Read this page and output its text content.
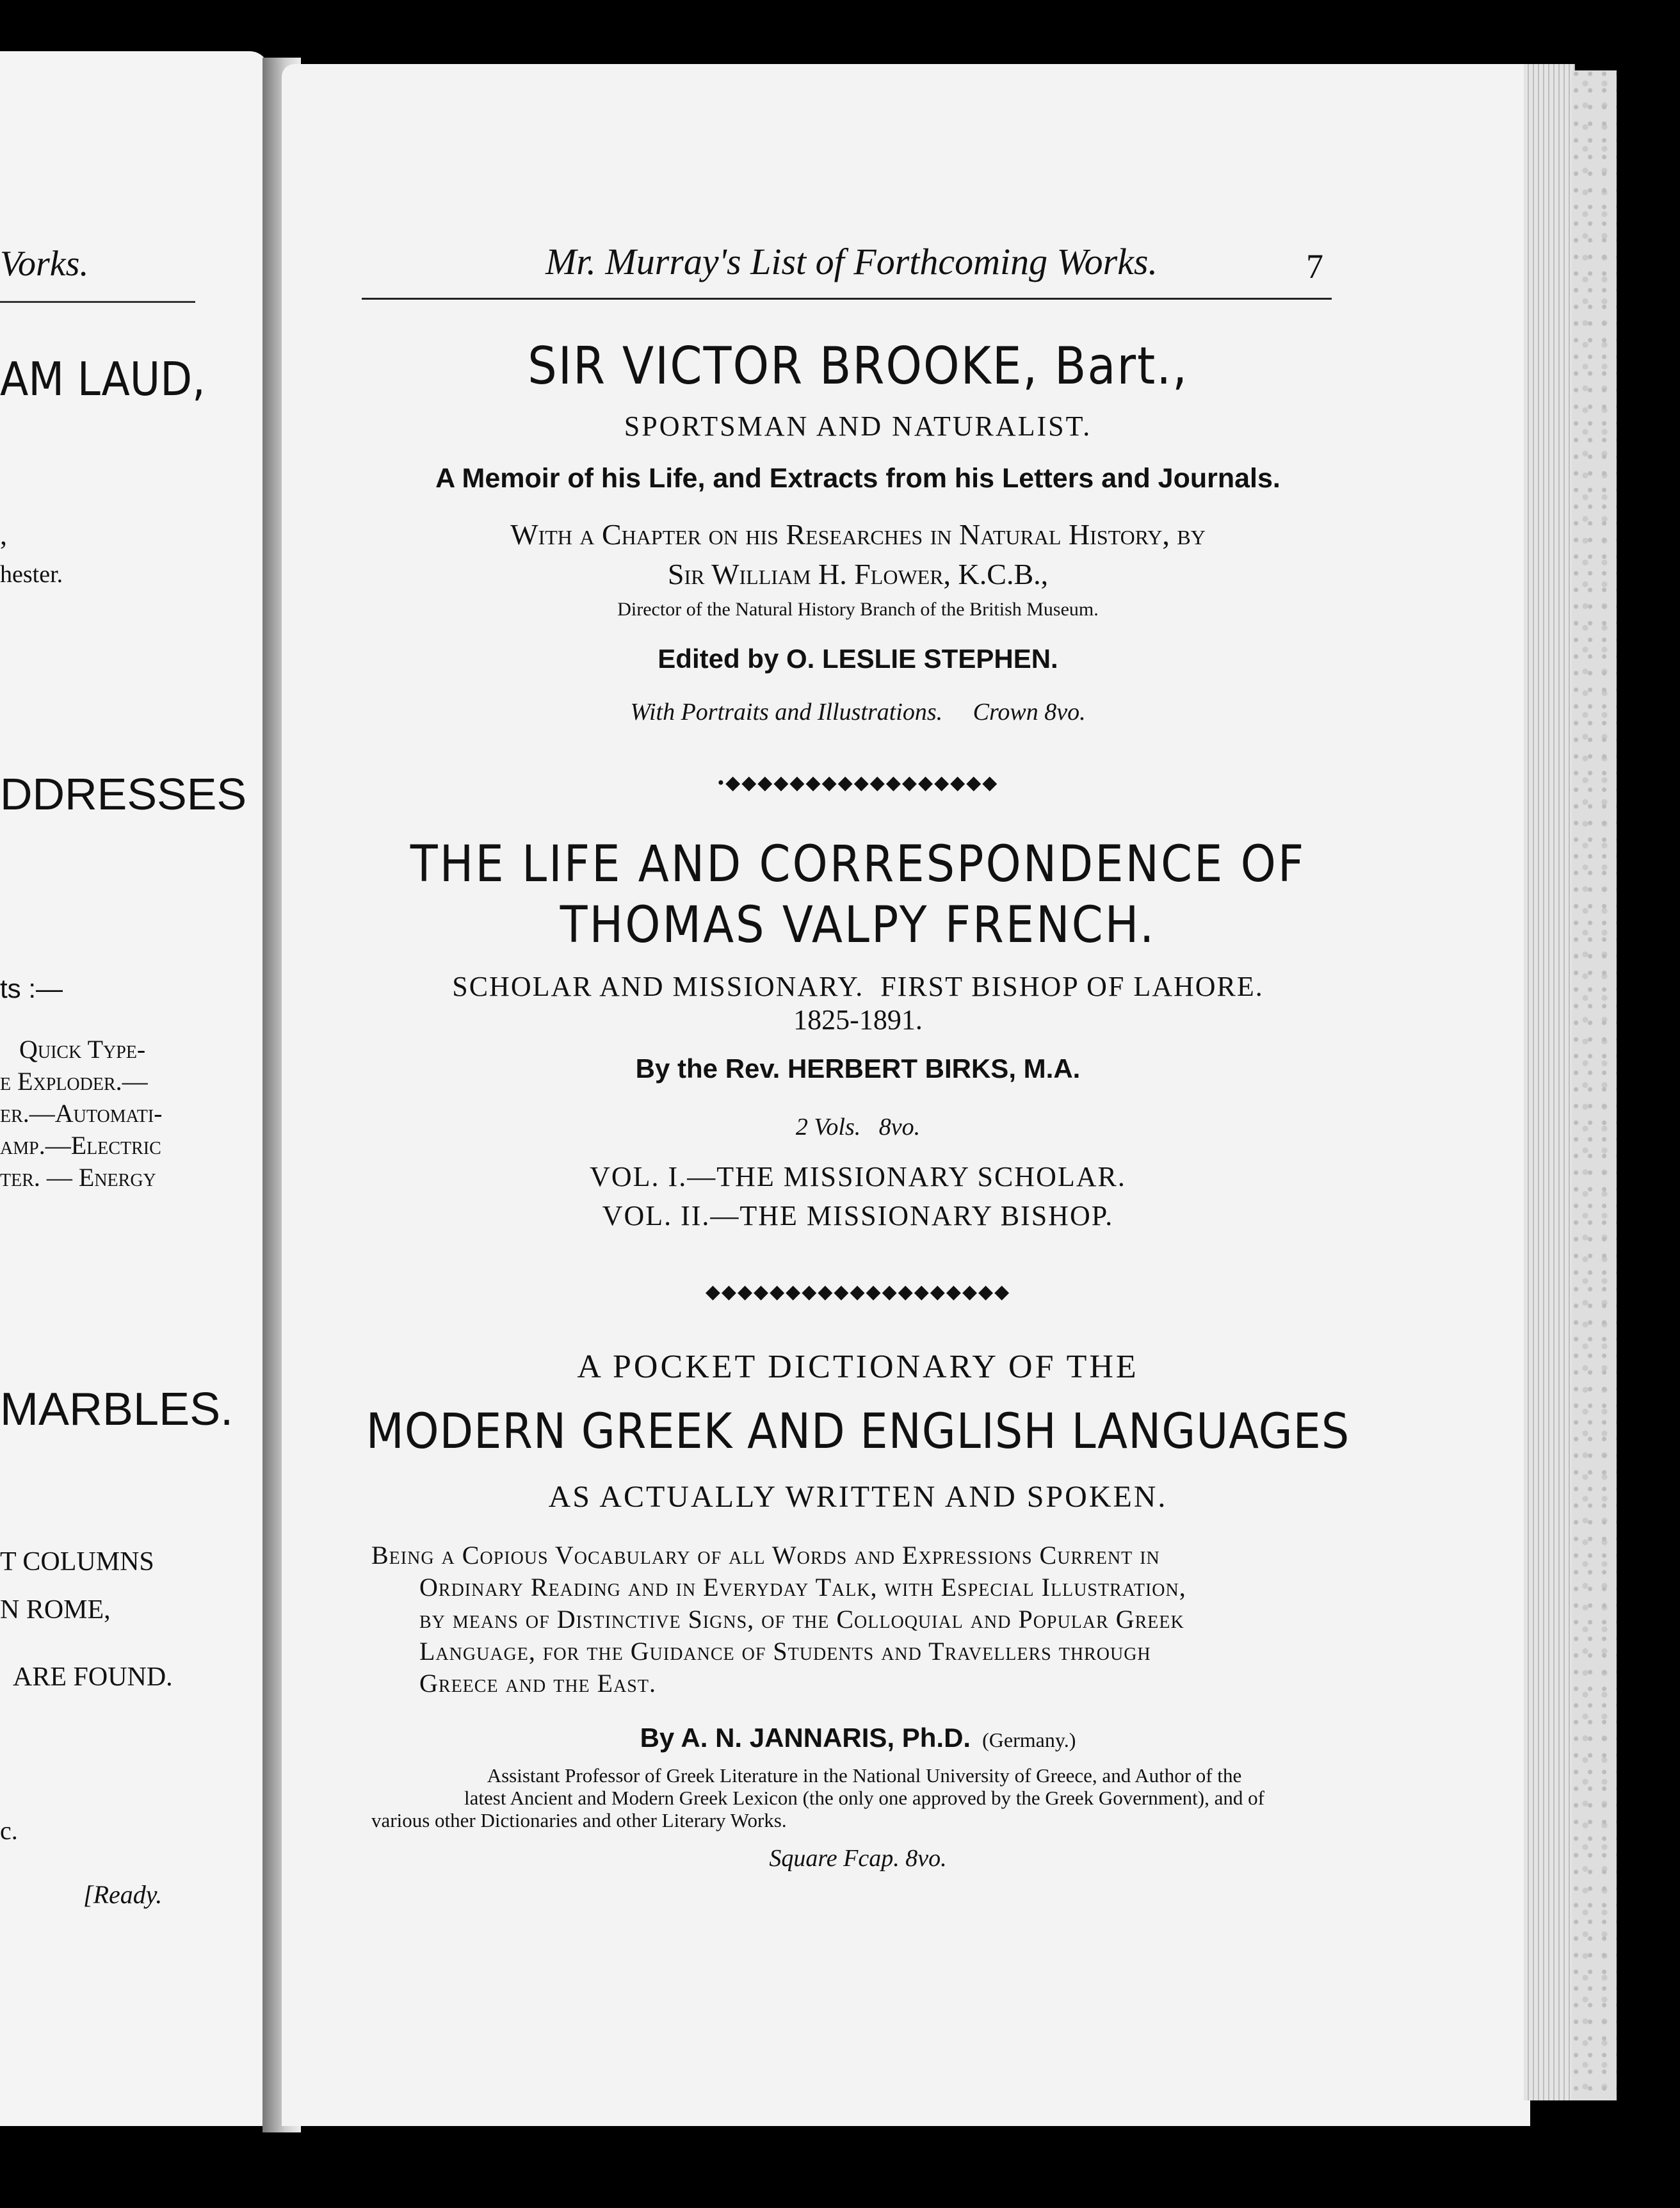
Vorks.
AM LAUD,
,
hester.
DDRESSES
ts :—
Quick Type-
e Exploder.—
er.—Automati-
amp.—Electric
ter. — Energy
MARBLES.
T COLUMNS
N ROME,
ARE FOUND.
c.
[Ready.
Mr. Murray's List of Forthcoming Works.	7
SIR VICTOR BROOKE, Bart.,
SPORTSMAN AND NATURALIST.
A Memoir of his Life, and Extracts from his Letters and Journals.
With a Chapter on his Researches in Natural History, by
Sir William H. Flower, K.C.B.,
Director of the Natural History Branch of the British Museum.
Edited by O. LESLIE STEPHEN.
With Portraits and Illustrations.     Crown 8vo.
•◆◆◆◆◆◆◆◆◆◆◆◆◆◆◆◆◆
THE LIFE AND CORRESPONDENCE OF
THOMAS VALPY FRENCH.
SCHOLAR AND MISSIONARY.  FIRST BISHOP OF LAHORE.
1825-1891.
By the Rev. HERBERT BIRKS, M.A.
2 Vols.   8vo.
VOL. I.—THE MISSIONARY SCHOLAR.
VOL. II.—THE MISSIONARY BISHOP.
◆◆◆◆◆◆◆◆◆◆◆◆◆◆◆◆◆◆◆
A POCKET DICTIONARY OF THE
MODERN GREEK AND ENGLISH LANGUAGES
AS ACTUALLY WRITTEN AND SPOKEN.
Being a Copious Vocabulary of all Words and Expressions Current in
Ordinary Reading and in Everyday Talk, with Especial Illustration,
by means of Distinctive Signs, of the Colloquial and Popular Greek
Language, for the Guidance of Students and Travellers through
Greece and the East.
By A. N. JANNARIS, Ph.D. (Germany.)
Assistant Professor of Greek Literature in the National University of Greece, and Author of the
latest Ancient and Modern Greek Lexicon (the only one approved by the Greek Government), and of
various other Dictionaries and other Literary Works.
Square Fcap. 8vo.
